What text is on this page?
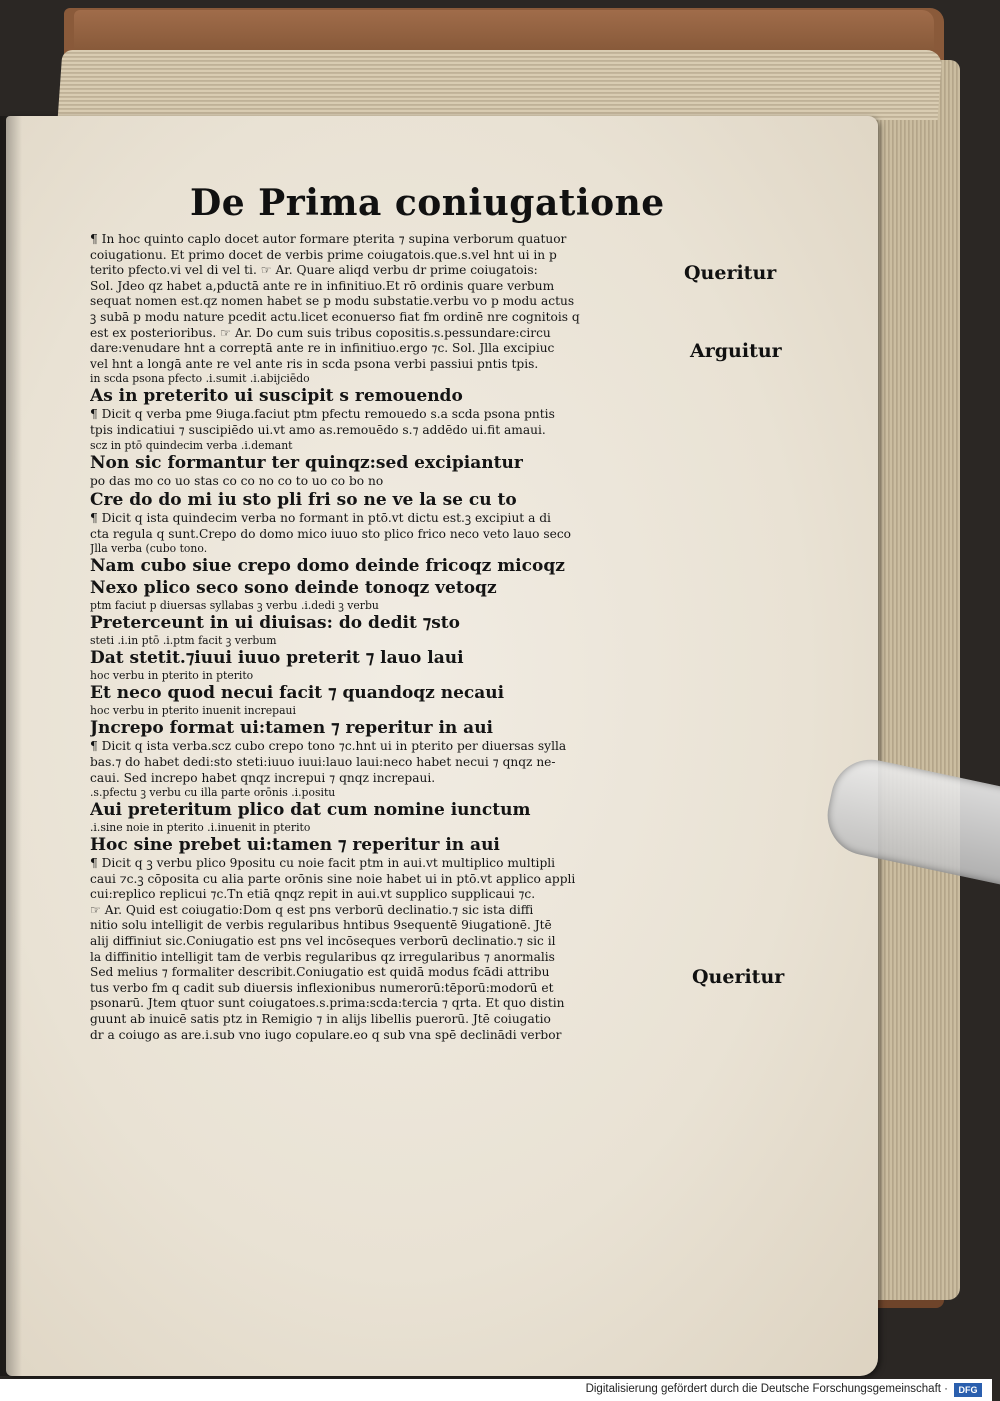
De Prima coniugatione
¶ In hoc quinto caplo docet autor formare pterita ⁊ supina verborum quatuor
coiugationu. Et primo docet de verbis prime coiugatois.que.s.vel hnt ui in p
terito pfecto.vi vel di vel ti. ☞ Ar. Quare aliqd verbu dr prime coiugatois:
Sol. Jdeo qz habet a,pductā ante re in infinitiuo.Et rō ordinis quare verbum
sequat nomen est.qz nomen habet se p modu substatie.verbu vo p modu actus
ꝫ subā p modu nature pcedit actu.licet econuerso fiat fm ordinē nre cognitois q
est ex posterioribus. ☞ Ar. Do cum suis tribus copositis.s.pessundare:circu
dare:venudare hnt a correptā ante re in infinitiuo.ergo ⁊c. Sol. Jlla excipiuc
vel hnt a longā ante re vel ante ris in scda psona verbi passiui pntis tpis.
in scda psona pfecto .i.sumit .i.abijciēdo
As in preterito ui suscipit s remouendo
¶ Dicit q verba pme 9iuga.faciut ptm pfectu remouedo s.a scda psona pntis
tpis indicatiui ⁊ suscipiēdo ui.vt amo as.remouēdo s.⁊ addēdo ui.fit amaui.
scz in ptō quindecim verba .i.demant
Non sic formantur ter quinqz:sed excipiantur
po das mo co uo stas co co no co to uo co bo no
Cre do do mi iu sto pli fri so ne ve la se cu to
¶ Dicit q ista quindecim verba no formant in ptō.vt dictu est.ꝫ excipiut a di
cta regula q sunt.Crepo do domo mico iuuo sto plico frico neco veto lauo seco
Jlla verba (cubo tono.
Nam cubo siue crepo domo deinde fricoqz micoqz
Nexo plico seco sono deinde tonoqz vetoqz
ptm faciut p diuersas syllabas ꝫ verbu .i.dedi ꝫ verbu
Preterceunt in ui diuisas: do dedit ⁊sto
steti .i.in ptō .i.ptm facit ꝫ verbum
Dat stetit.⁊iuui iuuo preterit ⁊ lauo laui
hoc verbu in pterito in pterito
Et neco quod necui facit ⁊ quandoqz necaui
hoc verbu in pterito inuenit increpaui
Jncrepo format ui:tamen ⁊ reperitur in aui
¶ Dicit q ista verba.scz cubo crepo tono ⁊c.hnt ui in pterito per diuersas sylla
bas.⁊ do habet dedi:sto steti:iuuo iuui:lauo laui:neco habet necui ⁊ qnqz ne-
caui. Sed increpo habet qnqz increpui ⁊ qnqz increpaui.
.s.pfectu ꝫ verbu cu illa parte orōnis .i.positu
Aui preteritum plico dat cum nomine iunctum
.i.sine noie in pterito .i.inuenit in pterito
Hoc sine prebet ui:tamen ⁊ reperitur in aui
¶ Dicit q ꝫ verbu plico 9positu cu noie facit ptm in aui.vt multiplico multipli
caui ⁊c.ꝫ cōposita cu alia parte orōnis sine noie habet ui in ptō.vt applico appli
cui:replico replicui ⁊c.Tn etiā qnqz repit in aui.vt supplico supplicaui ⁊c.
☞ Ar. Quid est coiugatio:Dom q est pns verborū declinatio.⁊ sic ista diffi
nitio solu intelligit de verbis regularibus hntibus 9sequentē 9iugationē. Jtē
alij diffiniut sic.Coniugatio est pns vel incōseques verborū declinatio.⁊ sic il
la diffinitio intelligit tam de verbis regularibus qz irregularibus ⁊ anormalis
Sed melius ⁊ formaliter describit.Coniugatio est quidā modus fcādi attribu
tus verbo fm q cadit sub diuersis inflexionibus numerorū:tēporū:modorū et
psonarū. Jtem qtuor sunt coiugatoes.s.prima:scda:tercia ⁊ qrta. Et quo distin
guunt ab inuicē satis ptz in Remigio ⁊ in alijs libellis puerorū. Jtē coiugatio
dr a coiugo as are.i.sub vno iugo copulare.eo q sub vna spē declinādi verbor
Queritur
Arguitur
Queritur
Digitalisierung gefördert durch die Deutsche Forschungsgemeinschaft ·	DFG
